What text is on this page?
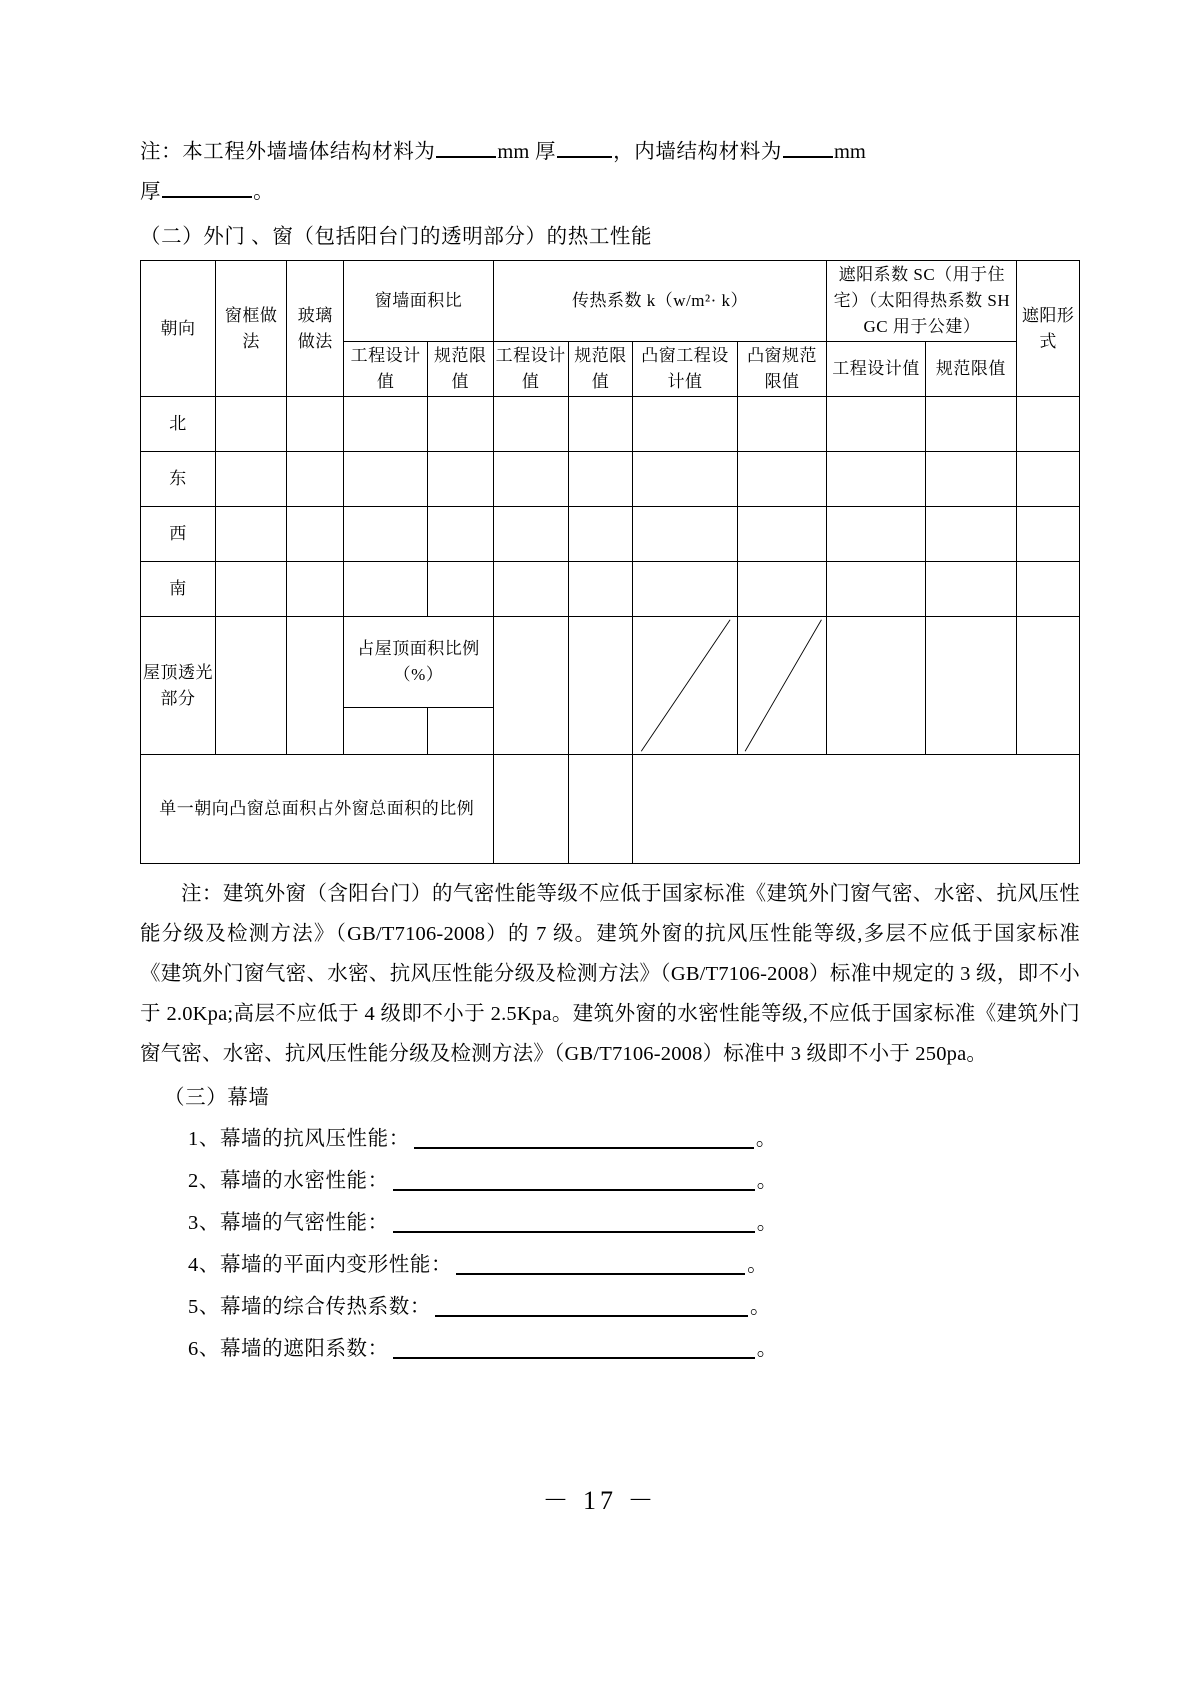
注：本工程外墙墙体结构材料为	mm 厚	，内墙结构材料为	mm
厚	。

（二）外门 、窗（包括阳台门的透明部分）的热工性能
朝向	窗框做法	玻璃做法	窗墙面积比		传热系数 k（w/m²· k）				遮阳系数 SC（用于住宅）（太阳得热系数 SHGC 用于公建）		遮阳形式

			工程设计值	规范限值	工程设计值	规范限值	凸窗工程设计值	凸窗规范限值	工程设计值	规范限值	
北											
东											
西											
南											
屋顶透光部分			占屋顶面积比例（%）			

单一朝向凸窗总面积占外窗总面积的比例											

注：建筑外窗（含阳台门）的气密性能等级不应低于国家标准《建筑外门窗气密、水密、抗风压性能分级及检测方法》（GB/T7106-2008）的 7 级。建筑外窗的抗风压性能等级,多层不应低于国家标准《建筑外门窗气密、水密、抗风压性能分级及检测方法》（GB/T7106-2008）标准中规定的 3 级，即不小于 2.0Kpa;高层不应低于 4 级即不小于 2.5Kpa。建筑外窗的水密性能等级,不应低于国家标准《建筑外门窗气密、水密、抗风压性能分级及检测方法》（GB/T7106-2008）标准中 3 级即不小于 250pa。

（三）幕墙

1、幕墙的抗风压性能：	。

2、幕墙的水密性能：	。

3、幕墙的气密性能：	。

4、幕墙的平面内变形性能：	。

5、幕墙的综合传热系数：	。

6、幕墙的遮阳系数：	。

－ 17 －
